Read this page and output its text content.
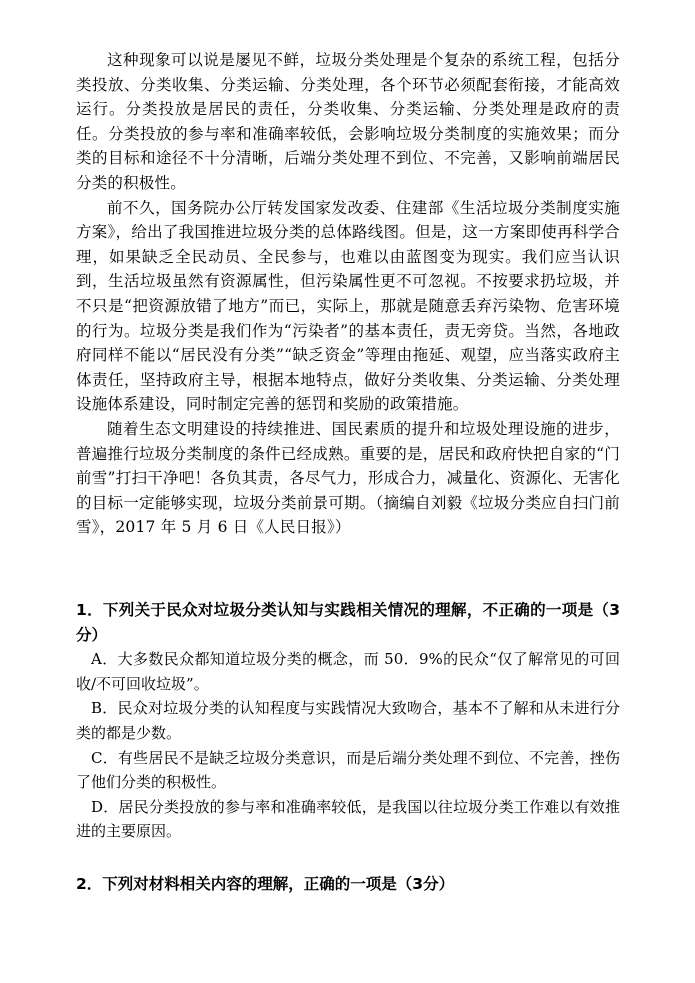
这种现象可以说是屡见不鲜，垃圾分类处理是个复杂的系统工程，包括分类投放、分类收集、分类运输、分类处理，各个环节必须配套衔接，才能高效运行。分类投放是居民的责任，分类收集、分类运输、分类处理是政府的责任。分类投放的参与率和准确率较低，会影响垃圾分类制度的实施效果；而分类的目标和途径不十分清晰，后端分类处理不到位、不完善，又影响前端居民分类的积极性。

前不久，国务院办公厅转发国家发改委、住建部《生活垃圾分类制度实施方案》，给出了我国推进垃圾分类的总体路线图。但是，这一方案即使再科学合理，如果缺乏全民动员、全民参与，也难以由蓝图变为现实。我们应当认识到，生活垃圾虽然有资源属性，但污染属性更不可忽视。不按要求扔垃圾，并不只是“把资源放错了地方”而已，实际上，那就是随意丢弃污染物、危害环境的行为。垃圾分类是我们作为“污染者”的基本责任，责无旁贷。当然，各地政府同样不能以“居民没有分类”“缺乏资金”等理由拖延、观望，应当落实政府主体责任，坚持政府主导，根据本地特点，做好分类收集、分类运输、分类处理设施体系建设，同时制定完善的惩罚和奖励的政策措施。

随着生态文明建设的持续推进、国民素质的提升和垃圾处理设施的进步，普遍推行垃圾分类制度的条件已经成熟。重要的是，居民和政府快把自家的“门前雪”打扫干净吧！各负其责，各尽气力，形成合力，减量化、资源化、无害化的目标一定能够实现，垃圾分类前景可期。（摘编自刘毅《垃圾分类应自扫门前雪》，2017 年 5 月 6 日《人民日报》）

1．下列关于民众对垃圾分类认知与实践相关情况的理解，不正确的一项是（3 分）

A．大多数民众都知道垃圾分类的概念，而 50．9%的民众“仅了解常见的可回收/不可回收垃圾”。

B．民众对垃圾分类的认知程度与实践情况大致吻合，基本不了解和从未进行分类的都是少数。

C．有些居民不是缺乏垃圾分类意识，而是后端分类处理不到位、不完善，挫伤了他们分类的积极性。

D．居民分类投放的参与率和准确率较低，是我国以往垃圾分类工作难以有效推进的主要原因。

2．下列对材料相关内容的理解，正确的一项是（3分）
